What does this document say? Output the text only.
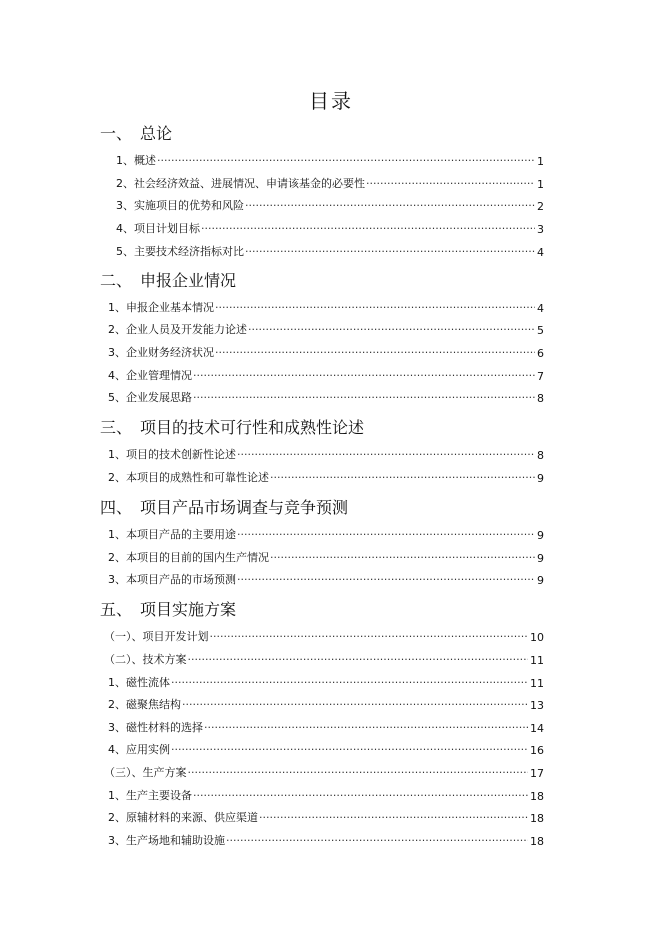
目录
一、 总论
1、 概述 ·····	1
2、 社会经济效益、进展情况、申请该基金的必要性 ·····	1
3、 实施项目的优势和风险 ·····	2
4、 项目计划目标 ·····	3
5、 主要技术经济指标对比 ·····	4
二、 申报企业情况
1、 申报企业基本情况 ·····	4
2、 企业人员及开发能力论述 ·····	5
3、 企业财务经济状况 ·····	6
4、 企业管理情况 ·····	7
5、 企业发展思路 ·····	8
三、 项目的技术可行性和成熟性论述
1、 项目的技术创新性论述 ·····	8
2、 本项目的成熟性和可靠性论述 ·····	9
四、 项目产品市场调查与竞争预测
1、 本项目产品的主要用途 ·····	9
2、 本项目的目前的国内生产情况 ·····	9
3、 本项目产品的市场预测 ·····	9
五、 项目实施方案
（一）、 项目开发计划 ·····	10
（二）、 技术方案 ·····	11
1、 磁性流体 ·····	11
2、 磁聚焦结构 ·····	13
3、 磁性材料的选择 ·····	14
4、 应用实例 ·····	16
（三）、 生产方案 ·····	17
1、 生产主要设备 ·····	18
2、 原辅材料的来源、供应渠道 ·····	18
3、 生产场地和辅助设施 ·····	18
